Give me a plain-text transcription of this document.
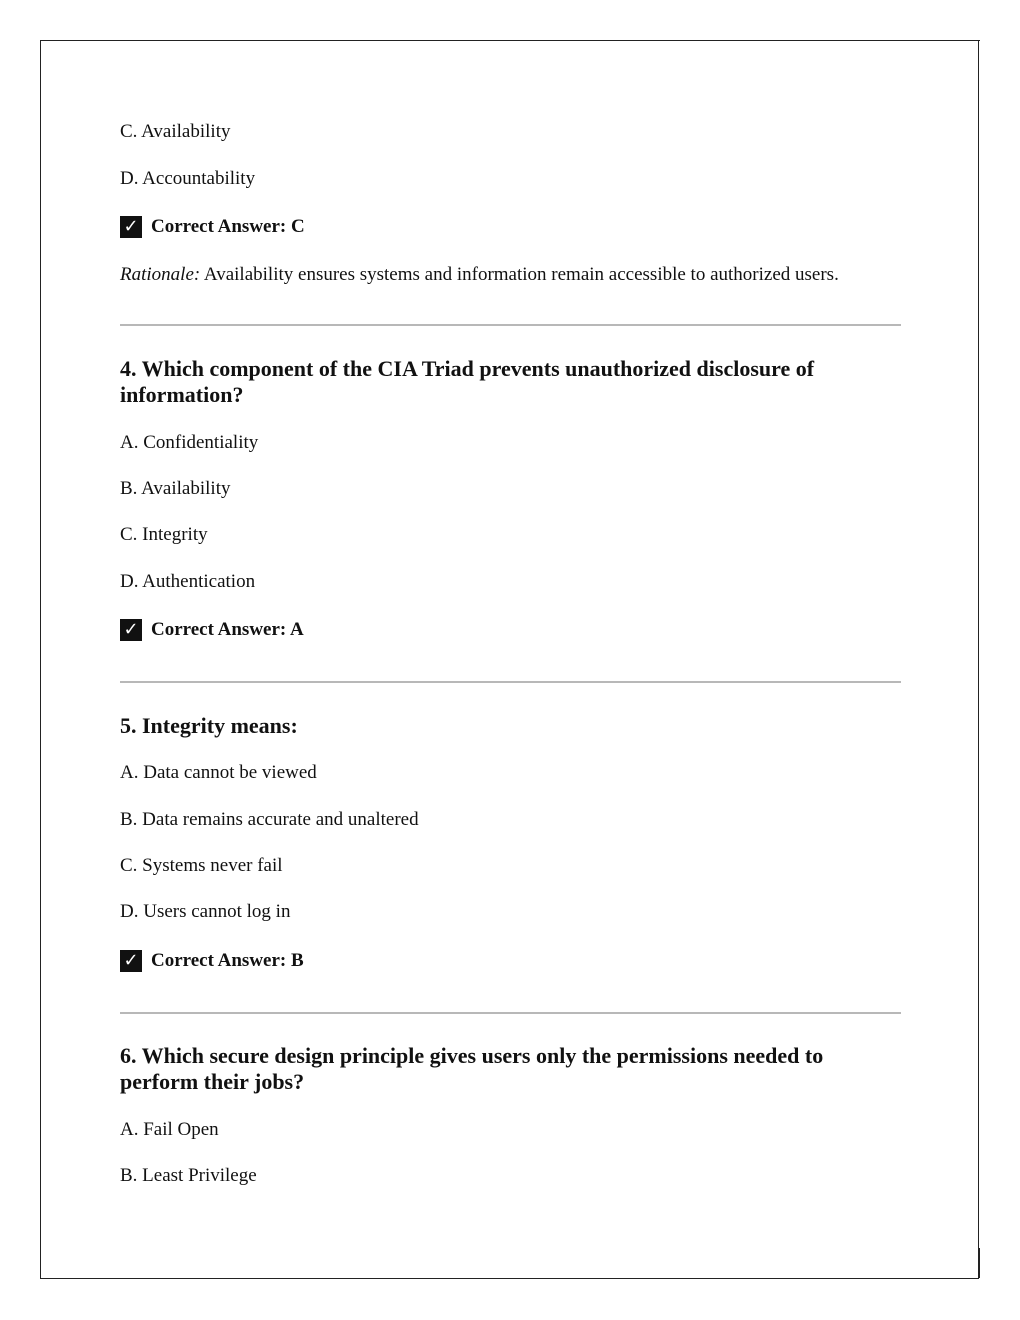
C. Availability
D. Accountability
✓ Correct Answer: C
Rationale: Availability ensures systems and information remain accessible to authorized users.
4. Which component of the CIA Triad prevents unauthorized disclosure of information?
A. Confidentiality
B. Availability
C. Integrity
D. Authentication
✓ Correct Answer: A
5. Integrity means:
A. Data cannot be viewed
B. Data remains accurate and unaltered
C. Systems never fail
D. Users cannot log in
✓ Correct Answer: B
6. Which secure design principle gives users only the permissions needed to perform their jobs?
A. Fail Open
B. Least Privilege
